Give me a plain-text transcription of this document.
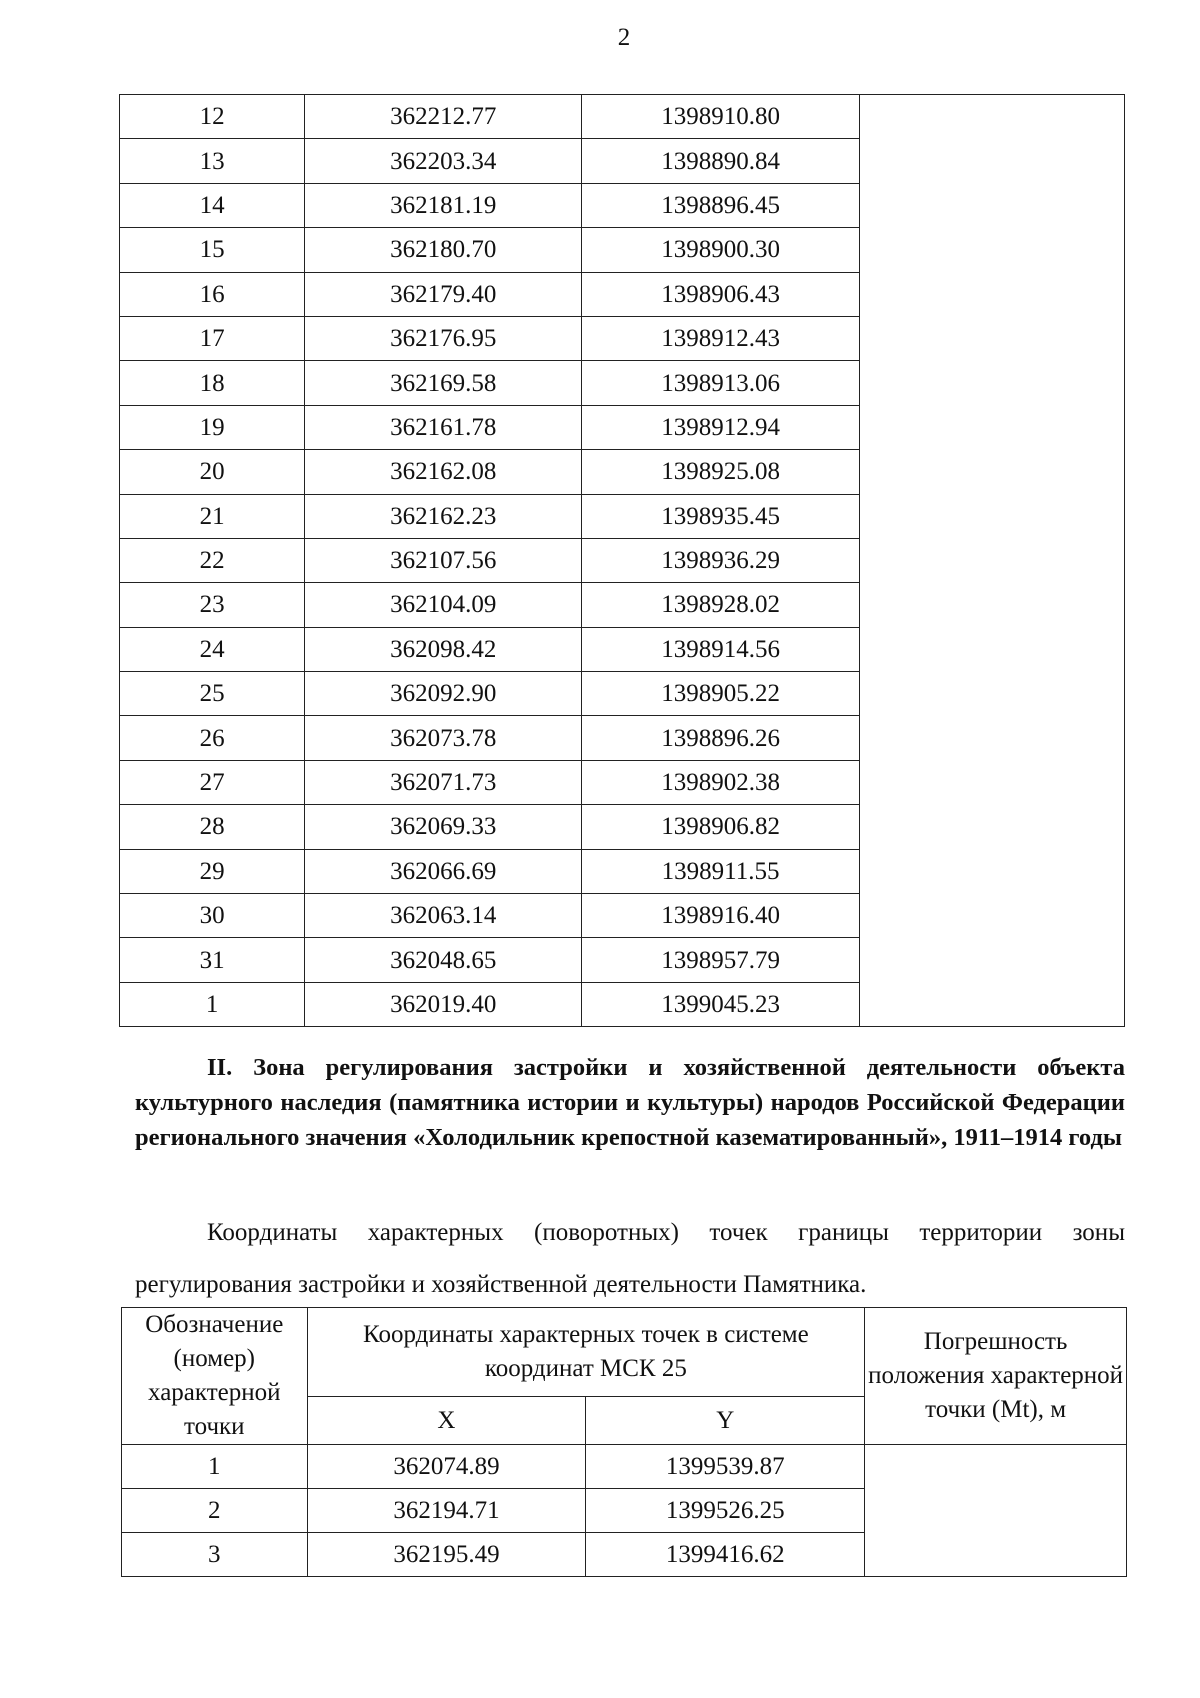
2
12	362212.77	1398910.80	
13	362203.34	1398890.84	
14	362181.19	1398896.45	
15	362180.70	1398900.30	
16	362179.40	1398906.43	
17	362176.95	1398912.43	
18	362169.58	1398913.06	
19	362161.78	1398912.94	
20	362162.08	1398925.08	
21	362162.23	1398935.45	
22	362107.56	1398936.29	
23	362104.09	1398928.02	
24	362098.42	1398914.56	
25	362092.90	1398905.22	
26	362073.78	1398896.26	
27	362071.73	1398902.38	
28	362069.33	1398906.82	
29	362066.69	1398911.55	
30	362063.14	1398916.40	
31	362048.65	1398957.79	
1	362019.40	1399045.23	
II. Зона регулирования застройки и хозяйственной деятельности объекта культурного наследия (памятника истории и культуры) народов Российской Федерации регионального значения «Холодильник крепостной казематированный», 1911–1914 годы
Координаты характерных (поворотных) точек границы территории зоны регулирования застройки и хозяйственной деятельности Памятника.
Обозначение (номер) характерной точки	Координаты характерных точек в системе координат МСК 25		Погрешность положения характерной точки (Mt), м
	X	Y	
1	362074.89	1399539.87	
2	362194.71	1399526.25	
3	362195.49	1399416.62	
